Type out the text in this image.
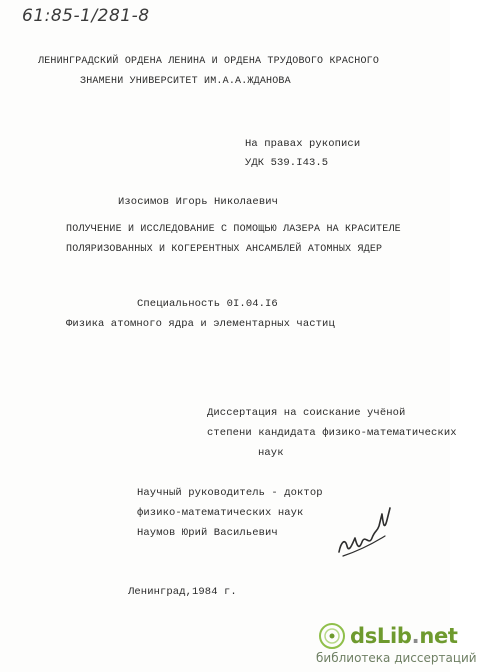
61:85-1/281-8
ЛЕНИНГРАДСКИЙ ОРДЕНА ЛЕНИНА И ОРДЕНА ТРУДОВОГО КРАСНОГО
ЗНАМЕНИ УНИВЕРСИТЕТ ИМ.А.А.ЖДАНОВА
На правах рукописи
УДК 539.I43.5
Изосимов Игорь Николаевич
ПОЛУЧЕНИЕ И ИССЛЕДОВАНИЕ С ПОМОЩЬЮ ЛАЗЕРА НА КРАСИТЕЛЕ
ПОЛЯРИЗОВАННЫХ И КОГЕРЕНТНЫХ АНСАМБЛЕЙ АТОМНЫХ ЯДЕР
Специальность 0I.04.I6
Физика атомного ядра и элементарных частиц
Диссертация на соискание учёной
степени кандидата физико-математических
наук
Научный руководитель - доктор
физико-математических наук
Наумов Юрий Васильевич
Ленинград,1984 г.
dsLib.net
библиотека диссертаций
